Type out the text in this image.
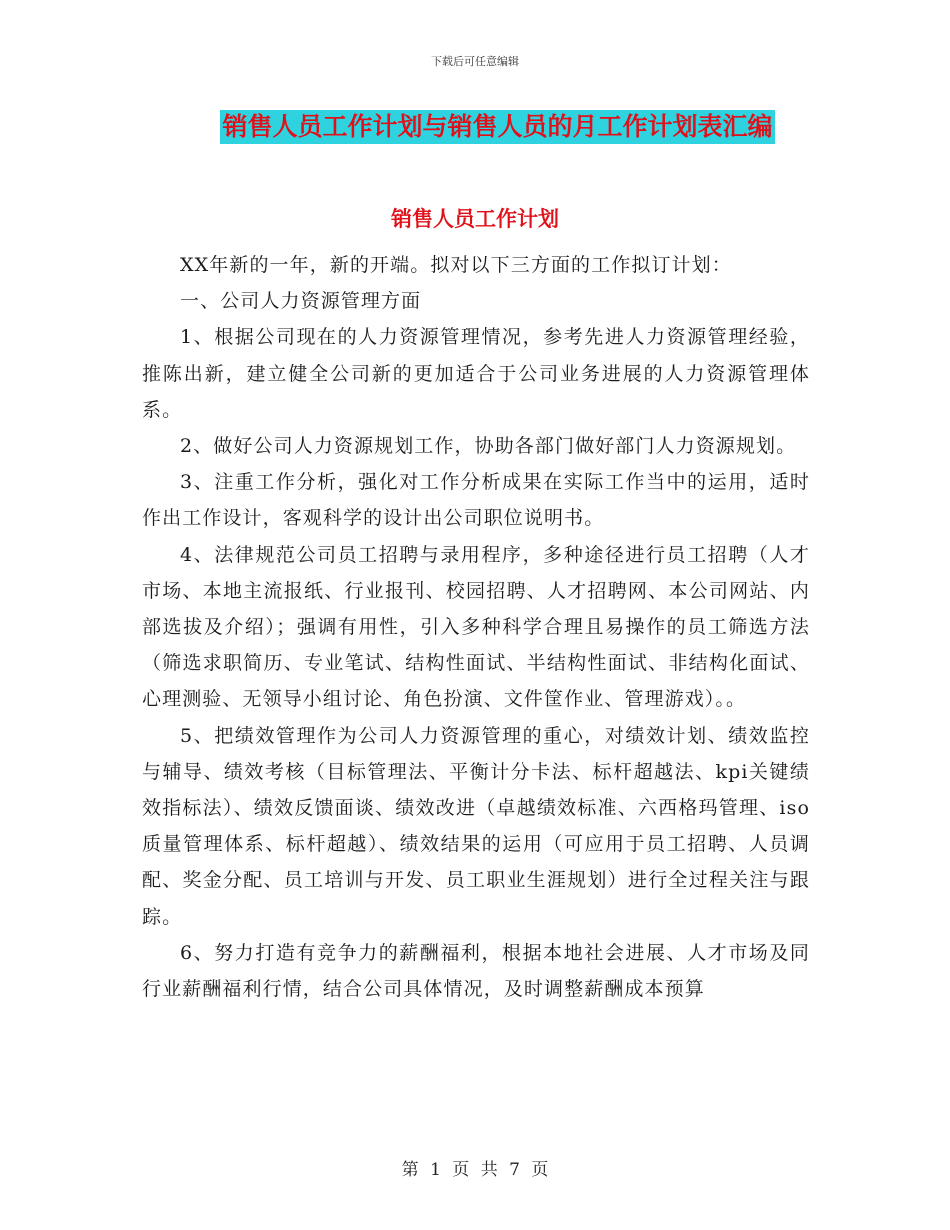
下载后可任意编辑
销售人员工作计划与销售人员的月工作计划表汇编
销售人员工作计划

XX年新的一年，新的开端。拟对以下三方面的工作拟订计划：

一、公司人力资源管理方面

1、根据公司现在的人力资源管理情况，参考先进人力资源管理经验，推陈出新，建立健全公司新的更加适合于公司业务进展的人力资源管理体系。

2、做好公司人力资源规划工作，协助各部门做好部门人力资源规划。

3、注重工作分析，强化对工作分析成果在实际工作当中的运用，适时作出工作设计，客观科学的设计出公司职位说明书。

4、法律规范公司员工招聘与录用程序，多种途径进行员工招聘（人才市场、本地主流报纸、行业报刊、校园招聘、人才招聘网、本公司网站、内部选拔及介绍）；强调有用性，引入多种科学合理且易操作的员工筛选方法（筛选求职简历、专业笔试、结构性面试、半结构性面试、非结构化面试、心理测验、无领导小组讨论、角色扮演、文件筐作业、管理游戏）。。

5、把绩效管理作为公司人力资源管理的重心，对绩效计划、绩效监控与辅导、绩效考核（目标管理法、平衡计分卡法、标杆超越法、kpi关键绩效指标法）、绩效反馈面谈、绩效改进（卓越绩效标准、六西格玛管理、iso质量管理体系、标杆超越）、绩效结果的运用（可应用于员工招聘、人员调配、奖金分配、员工培训与开发、员工职业生涯规划）进行全过程关注与跟踪。

6、努力打造有竞争力的薪酬福利，根据本地社会进展、人才市场及同行业薪酬福利行情，结合公司具体情况，及时调整薪酬成本预算

第 1 页 共 7 页
